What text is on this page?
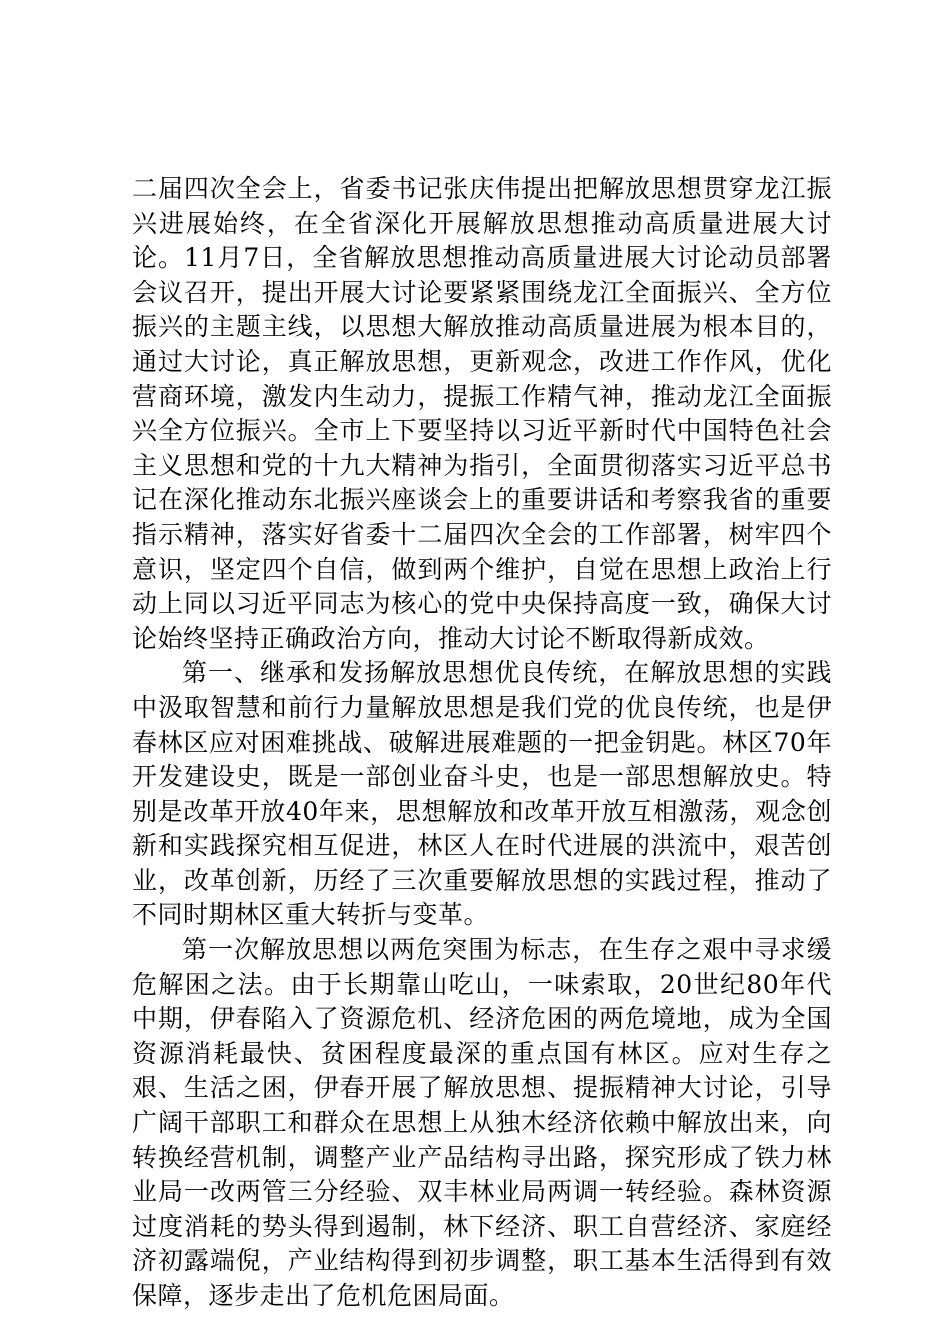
二届四次全会上，省委书记张庆伟提出把解放思想贯穿龙江振兴进展始终，在全省深化开展解放思想推动高质量进展大讨论。11月7日，全省解放思想推动高质量进展大讨论动员部署会议召开，提出开展大讨论要紧紧围绕龙江全面振兴、全方位振兴的主题主线，以思想大解放推动高质量进展为根本目的，通过大讨论，真正解放思想，更新观念，改进工作作风，优化营商环境，激发内生动力，提振工作精气神，推动龙江全面振兴全方位振兴。全市上下要坚持以习近平新时代中国特色社会主义思想和党的十九大精神为指引，全面贯彻落实习近平总书记在深化推动东北振兴座谈会上的重要讲话和考察我省的重要指示精神，落实好省委十二届四次全会的工作部署，树牢四个意识，坚定四个自信，做到两个维护，自觉在思想上政治上行动上同以习近平同志为核心的党中央保持高度一致，确保大讨论始终坚持正确政治方向，推动大讨论不断取得新成效。

第一、继承和发扬解放思想优良传统，在解放思想的实践中汲取智慧和前行力量解放思想是我们党的优良传统，也是伊春林区应对困难挑战、破解进展难题的一把金钥匙。林区70年开发建设史，既是一部创业奋斗史，也是一部思想解放史。特别是改革开放40年来，思想解放和改革开放互相激荡，观念创新和实践探究相互促进，林区人在时代进展的洪流中，艰苦创业，改革创新，历经了三次重要解放思想的实践过程，推动了不同时期林区重大转折与变革。

第一次解放思想以两危突围为标志，在生存之艰中寻求缓危解困之法。由于长期靠山吃山，一味索取，20世纪80年代中期，伊春陷入了资源危机、经济危困的两危境地，成为全国资源消耗最快、贫困程度最深的重点国有林区。应对生存之艰、生活之困，伊春开展了解放思想、提振精神大讨论，引导广阔干部职工和群众在思想上从独木经济依赖中解放出来，向转换经营机制，调整产业产品结构寻出路，探究形成了铁力林业局一改两管三分经验、双丰林业局两调一转经验。森林资源过度消耗的势头得到遏制，林下经济、职工自营经济、家庭经济初露端倪，产业结构得到初步调整，职工基本生活得到有效保障，逐步走出了危机危困局面。
